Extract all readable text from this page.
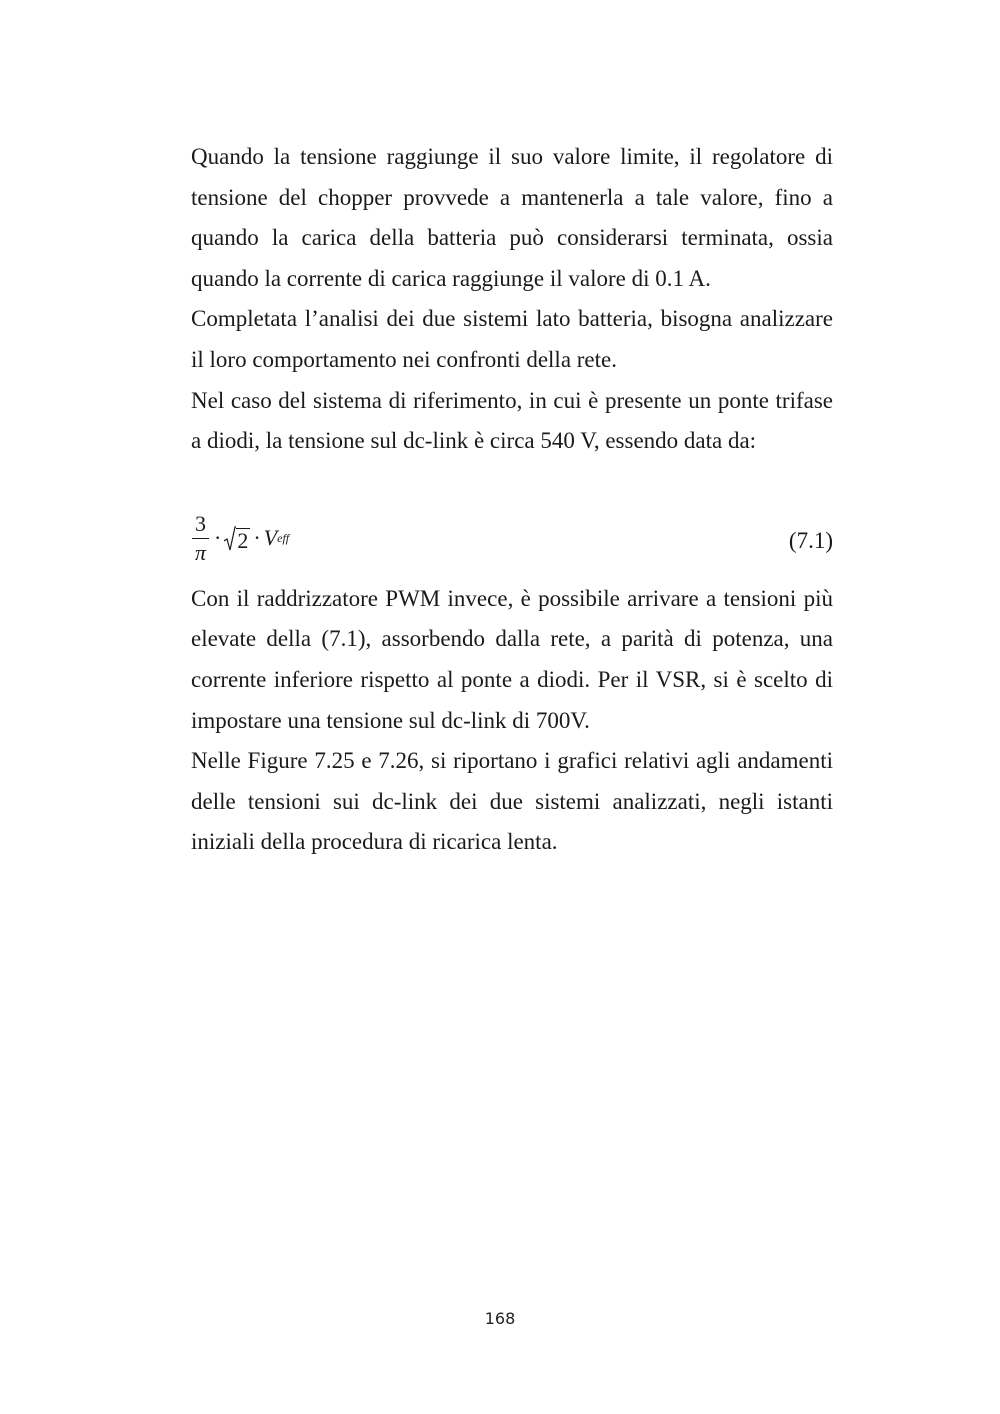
Quando la tensione raggiunge il suo valore limite, il regolatore di
tensione del chopper provvede a mantenerla a tale valore, fino a
quando la carica della batteria può considerarsi terminata, ossia

quando la corrente di carica raggiunge il valore di 0.1 A.

Completata l’analisi dei due sistemi lato batteria, bisogna analizzare

il loro comportamento nei confronti della rete.

Nel caso del sistema di riferimento, in cui è presente un ponte trifase

a diodi, la tensione sul dc-link è circa 540 V, essendo data da:

$\frac{3}{\pi} \cdot 2 \cdot V$ eff	(7.1)

Con il raddrizzatore PWM invece, è possibile arrivare a tensioni più
elevate della (7.1), assorbendo dalla rete, a parità di potenza, una
corrente inferiore rispetto al ponte a diodi. Per il VSR, si è scelto di

impostare una tensione sul dc-link di 700V.

Nelle Figure 7.25 e 7.26, si riportano i grafici relativi agli andamenti
delle tensioni sui dc-link dei due sistemi analizzati, negli istanti

iniziali della procedura di ricarica lenta.

168
